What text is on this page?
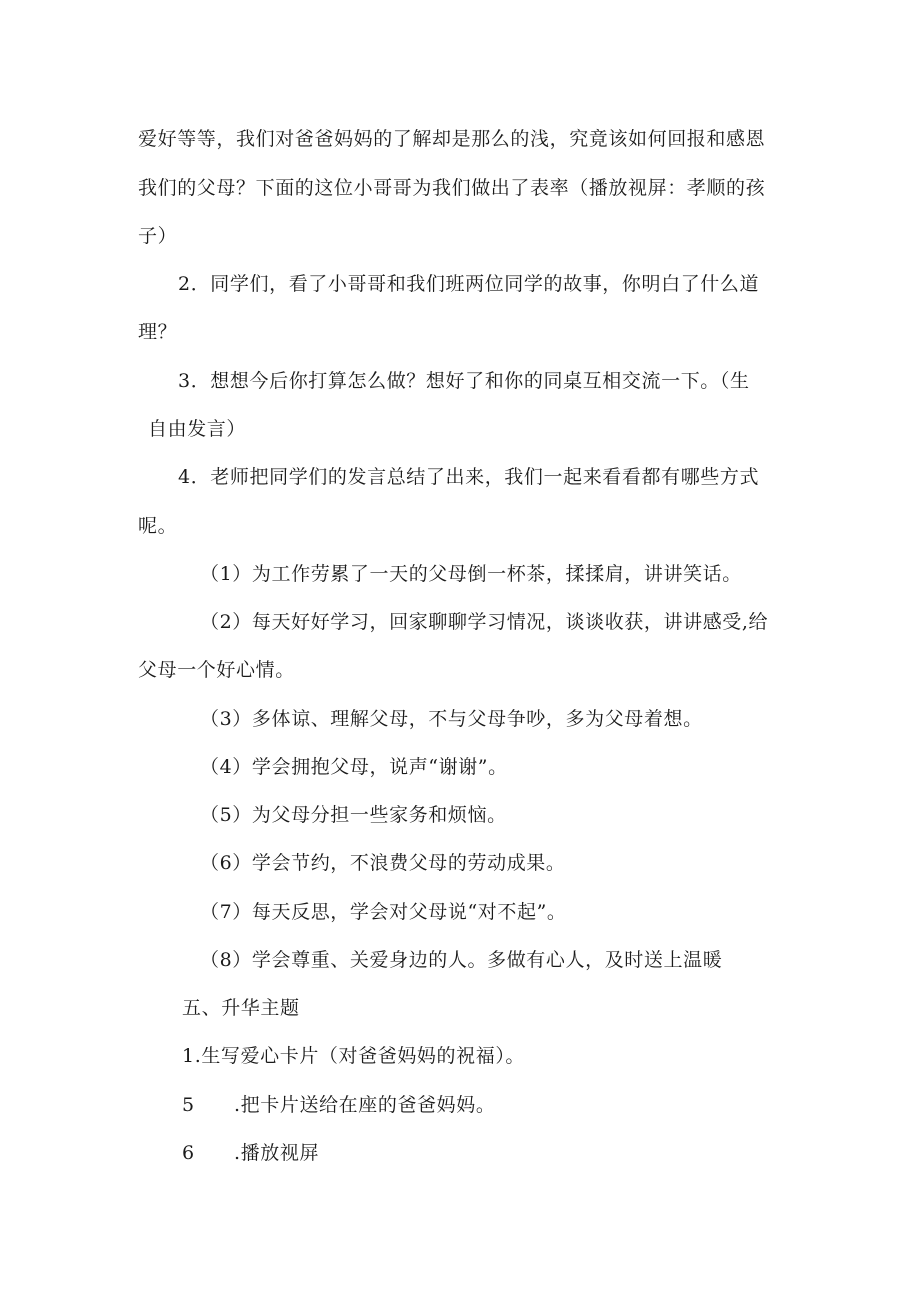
爱好等等，我们对爸爸妈妈的了解却是那么的浅，究竟该如何回报和感恩
我们的父母？下面的这位小哥哥为我们做出了表率（播放视屏：孝顺的孩
子）
2．同学们，看了小哥哥和我们班两位同学的故事，你明白了什么道
理？
3．想想今后你打算怎么做？想好了和你的同桌互相交流一下。（生
自由发言）
4．老师把同学们的发言总结了出来，我们一起来看看都有哪些方式
呢。
（1）为工作劳累了一天的父母倒一杯茶，揉揉肩，讲讲笑话。
（2）每天好好学习，回家聊聊学习情况，谈谈收获，讲讲感受,给
父母一个好心情。
（3）多体谅、理解父母，不与父母争吵，多为父母着想。
（4）学会拥抱父母，说声“谢谢”。
（5）为父母分担一些家务和烦恼。
（6）学会节约，不浪费父母的劳动成果。
（7）每天反思，学会对父母说“对不起”。
（8）学会尊重、关爱身边的人。多做有心人，及时送上温暖
五、升华主题
1.生写爱心卡片（对爸爸妈妈的祝福）。
5 .把卡片送给在座的爸爸妈妈。
6 .播放视屏
